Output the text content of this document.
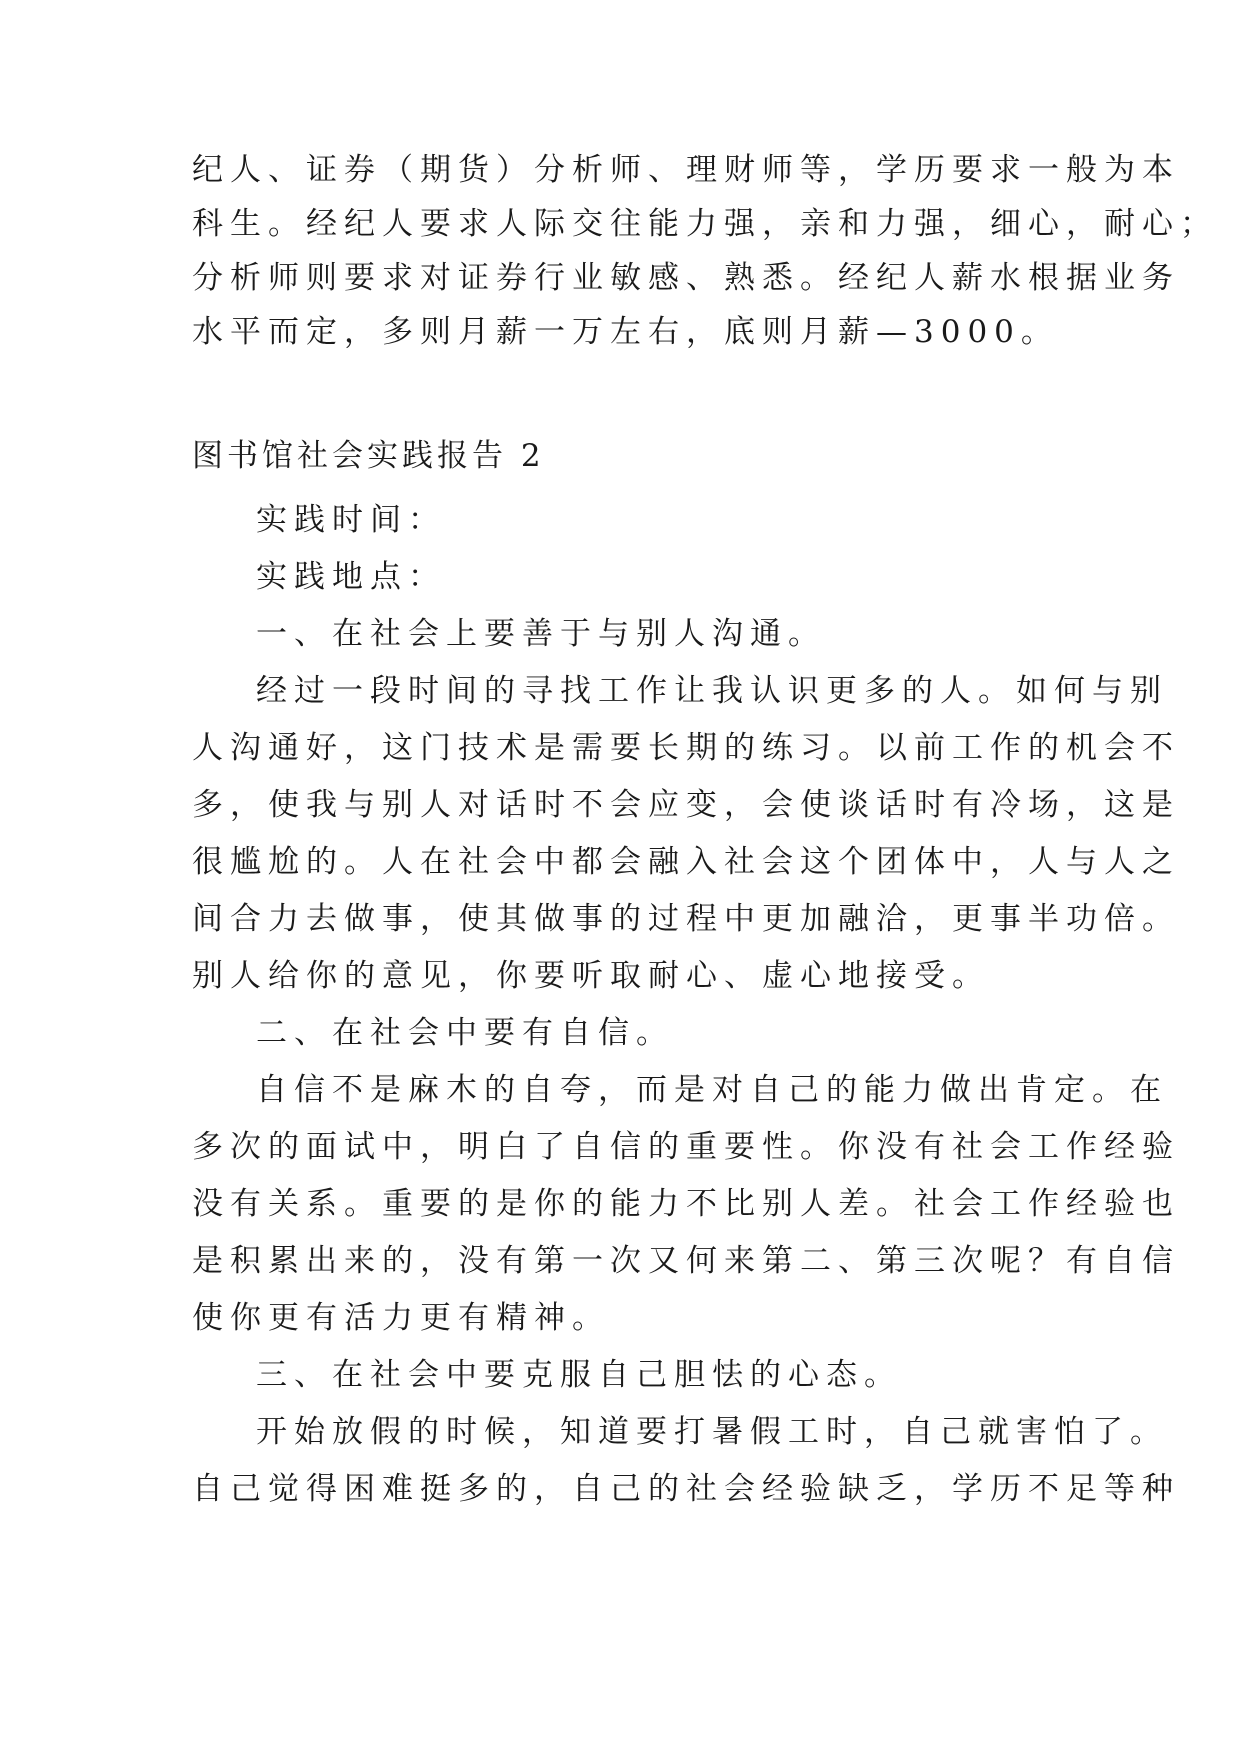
纪人、证券（期货）分析师、理财师等，学历要求一般为本
科生。经纪人要求人际交往能力强，亲和力强，细心，耐心；
分析师则要求对证券行业敏感、熟悉。经纪人薪水根据业务
水平而定，多则月薪一万左右，底则月薪—3000。
图书馆社会实践报告 2
实践时间：
实践地点：
一、在社会上要善于与别人沟通。
经过一段时间的寻找工作让我认识更多的人。如何与别
人沟通好，这门技术是需要长期的练习。以前工作的机会不
多，使我与别人对话时不会应变，会使谈话时有冷场，这是
很尴尬的。人在社会中都会融入社会这个团体中，人与人之
间合力去做事，使其做事的过程中更加融洽，更事半功倍。
别人给你的意见，你要听取耐心、虚心地接受。
二、在社会中要有自信。
自信不是麻木的自夸，而是对自己的能力做出肯定。在
多次的面试中，明白了自信的重要性。你没有社会工作经验
没有关系。重要的是你的能力不比别人差。社会工作经验也
是积累出来的，没有第一次又何来第二、第三次呢？有自信
使你更有活力更有精神。
三、在社会中要克服自己胆怯的心态。
开始放假的时候，知道要打暑假工时，自己就害怕了。
自己觉得困难挺多的，自己的社会经验缺乏，学历不足等种
